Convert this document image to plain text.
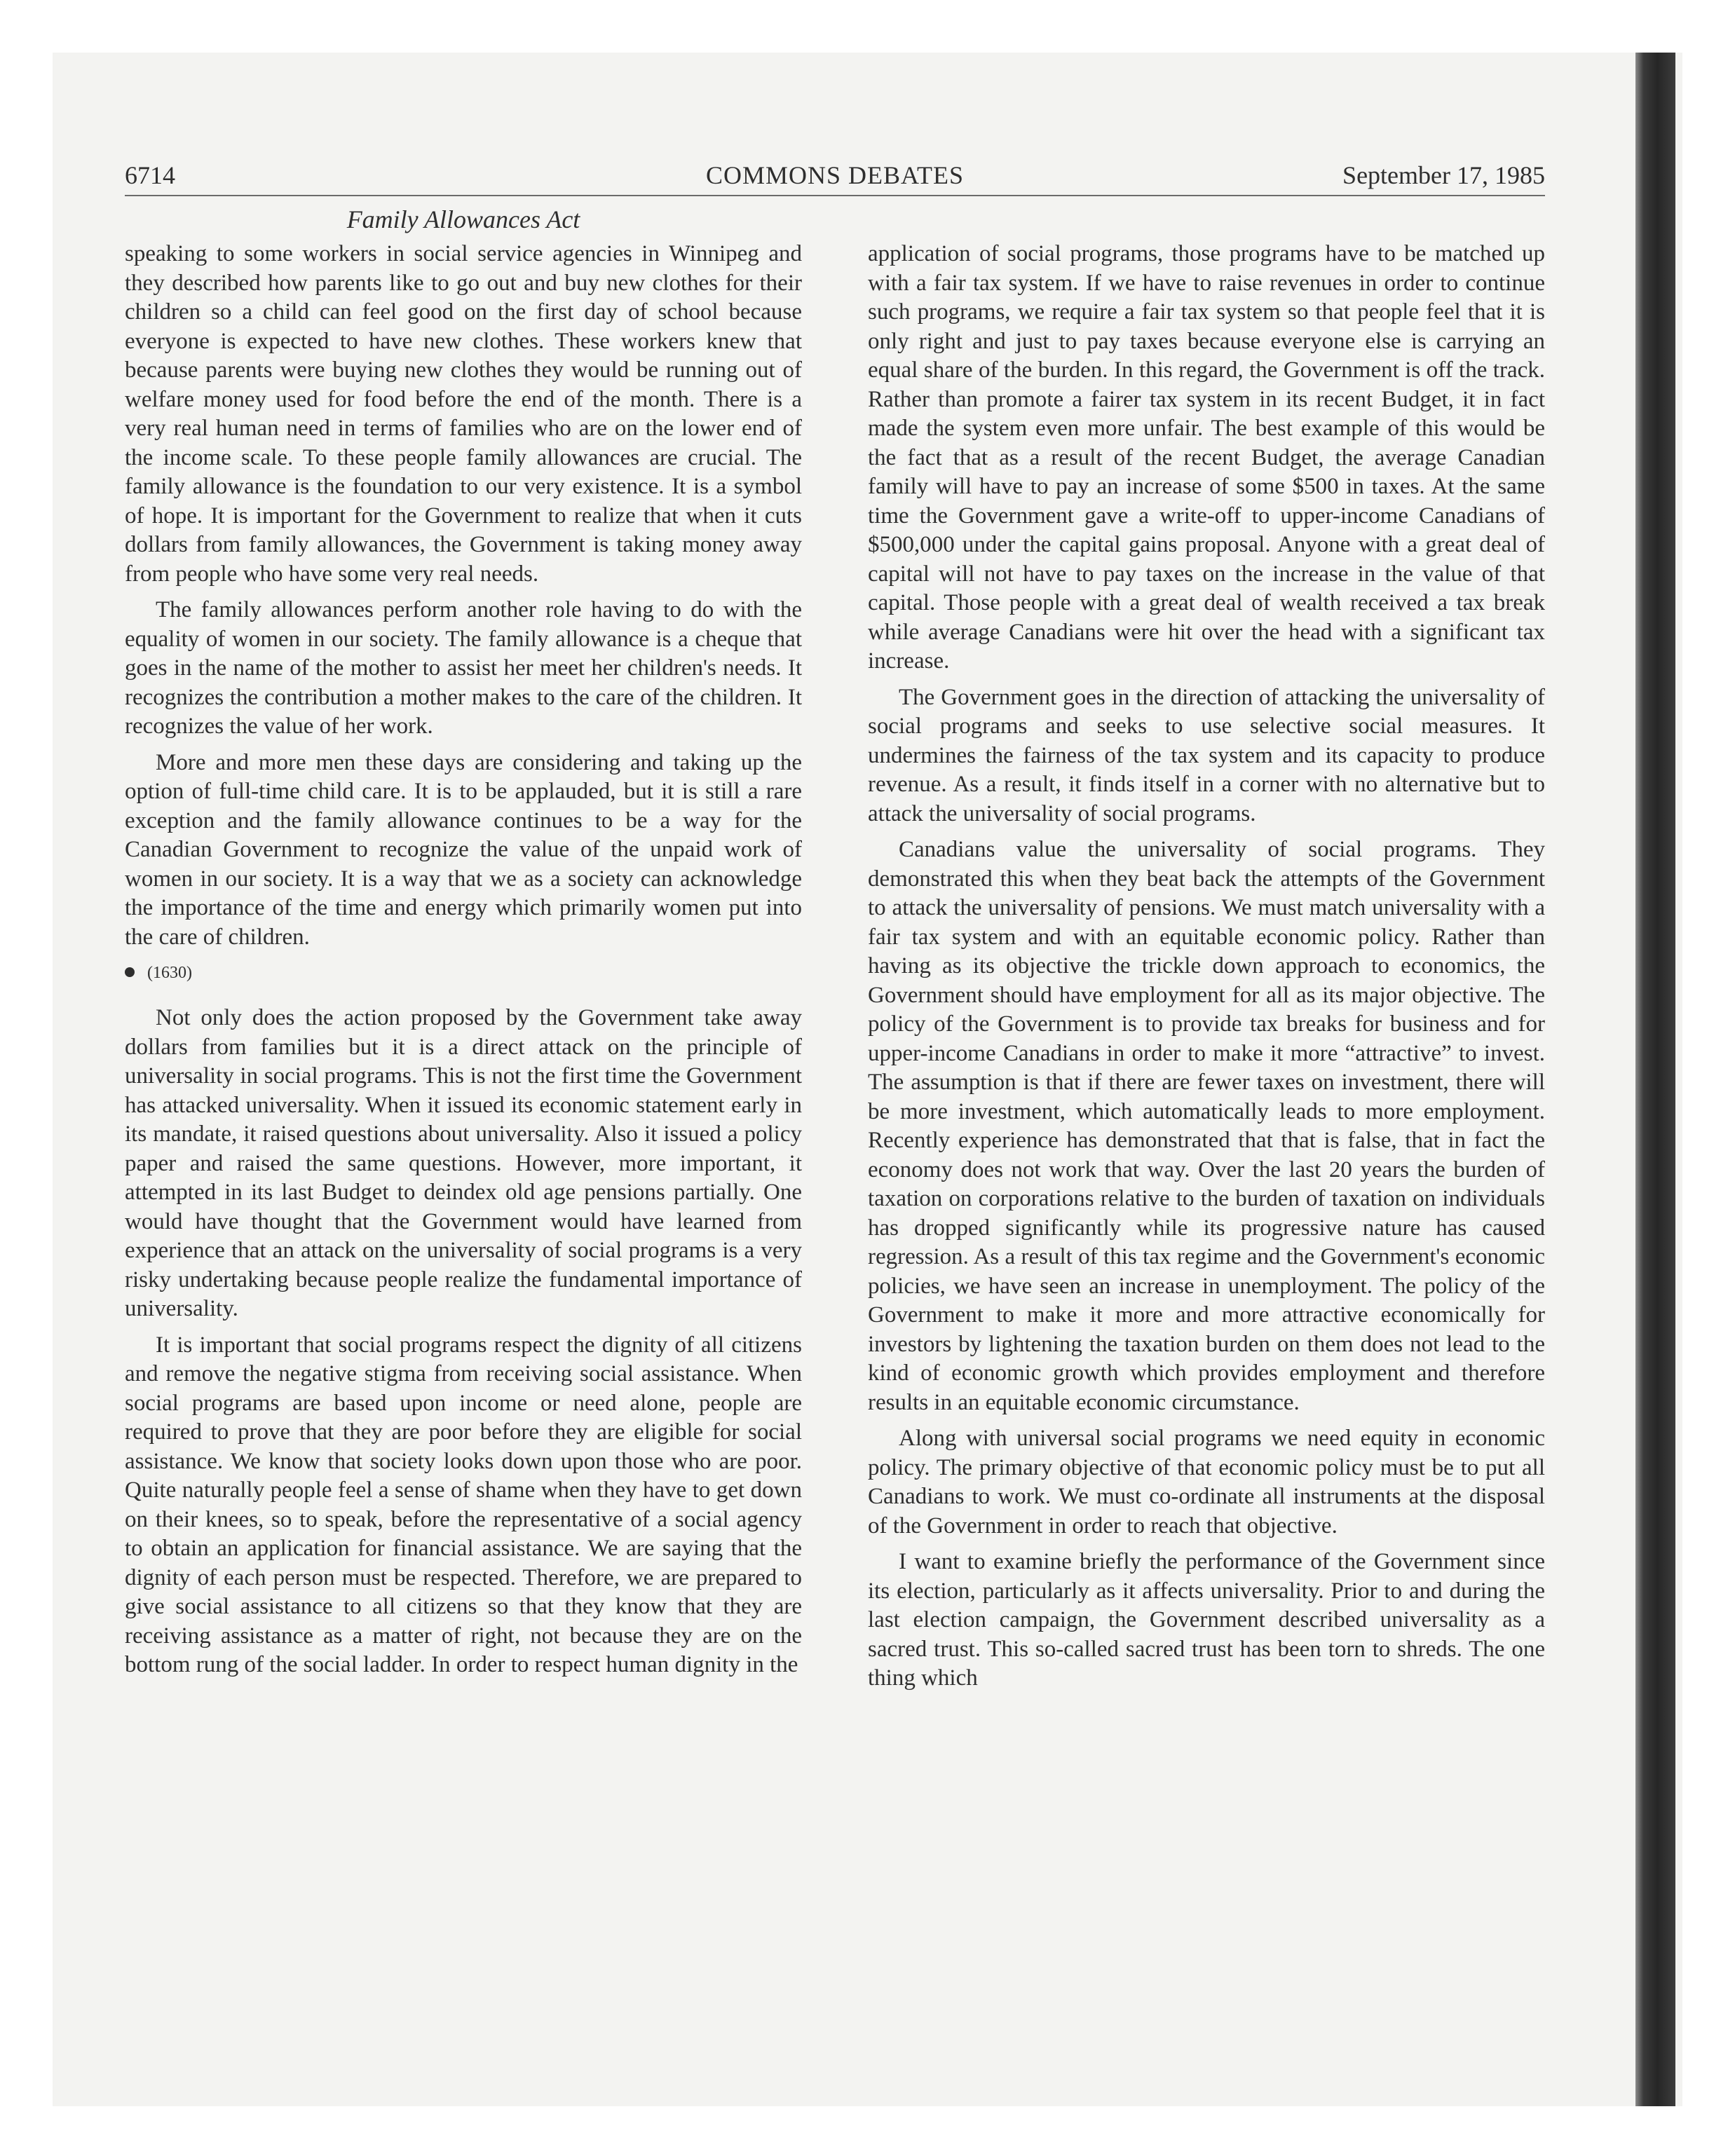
6714	COMMONS DEBATES	September 17, 1985
Family Allowances Act

speaking to some workers in social service agencies in Winnipeg and they described how parents like to go out and buy new clothes for their children so a child can feel good on the first day of school because everyone is expected to have new clothes. These workers knew that because parents were buying new clothes they would be running out of welfare money used for food before the end of the month. There is a very real human need in terms of families who are on the lower end of the income scale. To these people family allowances are crucial. The family allowance is the foundation to our very existence. It is a symbol of hope. It is important for the Government to realize that when it cuts dollars from family allowances, the Government is taking money away from people who have some very real needs.

The family allowances perform another role having to do with the equality of women in our society. The family allowance is a cheque that goes in the name of the mother to assist her meet her children's needs. It recognizes the contribution a mother makes to the care of the children. It recognizes the value of her work.

More and more men these days are considering and taking up the option of full-time child care. It is to be applauded, but it is still a rare exception and the family allowance continues to be a way for the Canadian Government to recognize the value of the unpaid work of women in our society. It is a way that we as a society can acknowledge the importance of the time and energy which primarily women put into the care of children.

(1630)

Not only does the action proposed by the Government take away dollars from families but it is a direct attack on the principle of universality in social programs. This is not the first time the Government has attacked universality. When it issued its economic statement early in its mandate, it raised questions about universality. Also it issued a policy paper and raised the same questions. However, more important, it attempted in its last Budget to deindex old age pensions partially. One would have thought that the Government would have learned from experience that an attack on the universality of social programs is a very risky undertaking because people realize the fundamental importance of universality.

It is important that social programs respect the dignity of all citizens and remove the negative stigma from receiving social assistance. When social programs are based upon income or need alone, people are required to prove that they are poor before they are eligible for social assistance. We know that society looks down upon those who are poor. Quite naturally people feel a sense of shame when they have to get down on their knees, so to speak, before the representative of a social agency to obtain an application for financial assistance. We are saying that the dignity of each person must be respected. Therefore, we are prepared to give social assistance to all citizens so that they know that they are receiving assistance as a matter of right, not because they are on the bottom rung of the social ladder. In order to respect human dignity in the

application of social programs, those programs have to be matched up with a fair tax system. If we have to raise revenues in order to continue such programs, we require a fair tax system so that people feel that it is only right and just to pay taxes because everyone else is carrying an equal share of the burden. In this regard, the Government is off the track. Rather than promote a fairer tax system in its recent Budget, it in fact made the system even more unfair. The best example of this would be the fact that as a result of the recent Budget, the average Canadian family will have to pay an increase of some $500 in taxes. At the same time the Government gave a write-off to upper-income Canadians of $500,000 under the capital gains proposal. Anyone with a great deal of capital will not have to pay taxes on the increase in the value of that capital. Those people with a great deal of wealth received a tax break while average Canadians were hit over the head with a significant tax increase.

The Government goes in the direction of attacking the universality of social programs and seeks to use selective social measures. It undermines the fairness of the tax system and its capacity to produce revenue. As a result, it finds itself in a corner with no alternative but to attack the universality of social programs.

Canadians value the universality of social programs. They demonstrated this when they beat back the attempts of the Government to attack the universality of pensions. We must match universality with a fair tax system and with an equitable economic policy. Rather than having as its objective the trickle down approach to economics, the Government should have employment for all as its major objective. The policy of the Government is to provide tax breaks for business and for upper-income Canadians in order to make it more “attractive” to invest. The assumption is that if there are fewer taxes on investment, there will be more investment, which automatically leads to more employment. Recently experience has demonstrated that that is false, that in fact the economy does not work that way. Over the last 20 years the burden of taxation on corporations relative to the burden of taxation on individuals has dropped significantly while its progressive nature has caused regression. As a result of this tax regime and the Government's economic policies, we have seen an increase in unemployment. The policy of the Government to make it more and more attractive economically for investors by lightening the taxation burden on them does not lead to the kind of economic growth which provides employment and therefore results in an equitable economic circumstance.

Along with universal social programs we need equity in economic policy. The primary objective of that economic policy must be to put all Canadians to work. We must co-ordinate all instruments at the disposal of the Government in order to reach that objective.

I want to examine briefly the performance of the Government since its election, particularly as it affects universality. Prior to and during the last election campaign, the Government described universality as a sacred trust. This so-called sacred trust has been torn to shreds. The one thing which
